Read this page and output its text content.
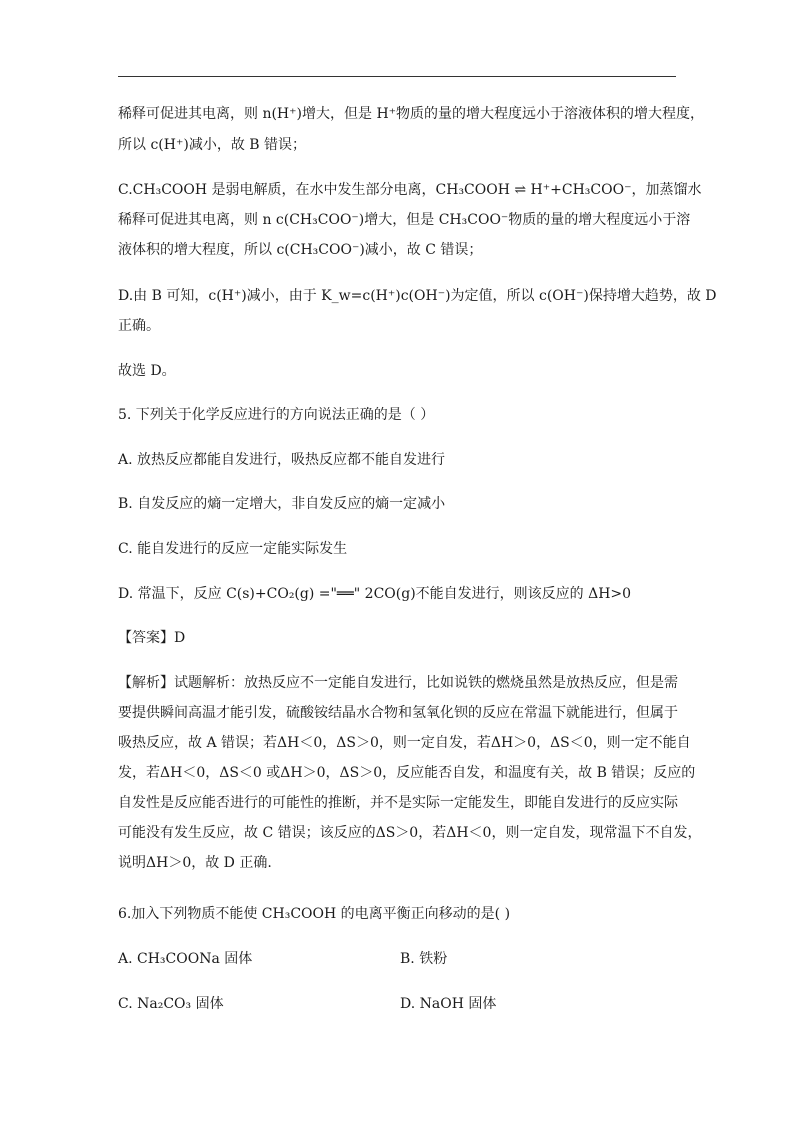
稀释可促进其电离，则 n(H⁺)增大，但是 H⁺物质的量的增大程度远小于溶液体积的增大程度，
所以 c(H⁺)减小，故 B 错误；
C.CH₃COOH 是弱电解质，在水中发生部分电离，CH₃COOH ⇌ H⁺+CH₃COO⁻，加蒸馏水
稀释可促进其电离，则 n c(CH₃COO⁻)增大，但是 CH₃COO⁻物质的量的增大程度远小于溶
液体积的增大程度，所以 c(CH₃COO⁻)减小，故 C 错误；
D.由 B 可知，c(H⁺)减小，由于 K_w=c(H⁺)c(OH⁻)为定值，所以 c(OH⁻)保持增大趋势，故 D
正确。
故选 D。
5. 下列关于化学反应进行的方向说法正确的是（ ）
A. 放热反应都能自发进行，吸热反应都不能自发进行
B. 自发反应的熵一定增大，非自发反应的熵一定减小
C. 能自发进行的反应一定能实际发生
D. 常温下，反应 C(s)+CO₂(g) ="══" 2CO(g)不能自发进行，则该反应的 ΔH>0
【答案】D
【解析】试题解析：放热反应不一定能自发进行，比如说铁的燃烧虽然是放热反应，但是需
要提供瞬间高温才能引发，硫酸铵结晶水合物和氢氧化钡的反应在常温下就能进行，但属于
吸热反应，故 A 错误；若ΔH＜0，ΔS＞0，则一定自发，若ΔH＞0，ΔS＜0，则一定不能自
发，若ΔH＜0，ΔS＜0 或ΔH＞0，ΔS＞0，反应能否自发，和温度有关，故 B 错误；反应的
自发性是反应能否进行的可能性的推断，并不是实际一定能发生，即能自发进行的反应实际
可能没有发生反应，故 C 错误；该反应的ΔS＞0，若ΔH＜0，则一定自发，现常温下不自发，
说明ΔH＞0，故 D 正确.
6.加入下列物质不能使 CH₃COOH 的电离平衡正向移动的是( )
A. CH₃COONa 固体	B. 铁粉
C. Na₂CO₃ 固体	D. NaOH 固体
